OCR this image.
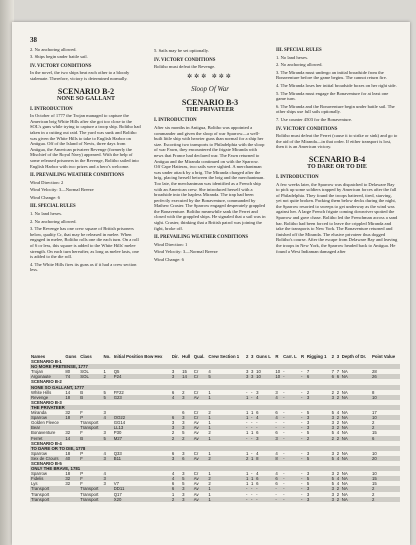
38

2. No anchoring allowed.

3. Ships begin under battle sail.

IV. VICTORY CONDITIONS

In the novel, the two ships beat each other to a bloody stalemate. Therefore, victory is determined normally.

SCENARIO B-2
NONE SO GALLANT
I. INTRODUCTION

In October of 1777 the Trojan managed to capture the American brig White Hills after she got too close to the SOL's guns while trying to capture a troop ship. Bolitho had taken in a cutting out raid. The yard was sunk and Bolitho was given the White Hills to take to English Harbor on Antigua. Off of the Island of Nevis, three days from Antigua, the American privateer Revenge (formerly the Mischief of the Royal Navy) appeared. With the help of some released prisoners in the Revenge, Bolitho sailed into English Harbor with two prizes and a hero's welcome.

II. PREVAILING WEATHER CONDITIONS

Wind Direction: 2

Wind Velocity: 3—Normal Breeze

Wind Change: 6

III. SPECIAL RULES

1. No land hexes.

2. No anchoring allowed.

3. The Revenge has one crew square of British prisoners below, quality Cr, that may be released in melee. When engaged in melee, Bolitho rolls one die each turn. On a roll of 6 or less, this square is added to the White Hills' melee strength. On each turn hereafter, as long as melee lasts, one is added to the die roll.

4. The White Hills fires its guns as if it had a crew section less.

5. Sails may be set optionally.

IV. VICTORY CONDITIONS

Bolitho must defeat the Revenge.

✲✲✲ ✲✲✲
Sloop Of War
SCENARIO B-3
THE PRIVATEER
I. INTRODUCTION

After six months in Antigua, Bolitho was appointed a commander and given the sloop of war Sparrow—a well-built little ship with heavier guns than normal for a ship her size. Escorting two transports to Philadelphia with the sloop of war Fawn, they encountered the frigate Miranda with news that France had declared war. The Fawn returned to Antigua and the Miranda continued on with the Sparrow. Off Cape Hatteras, two sails were sighted. A merchantman was under attack by a brig. The Miranda charged after the brig, placing herself between the brig and the merchantman. Too late, the merchantman was identified as a French ship with an American crew. She introduced herself with a broadside into the hapless Miranda. The trap had been perfectly executed by the Bonaventure, commanded by Mathew Craster. The Sparrow engaged desperately grappled the Bonaventure. Bolitho meanwhile sank the Ferret and closed with the grappled ships. He signaled that a sail was in sight. Craster, thinking that a British patrol was joining the fight, broke off.

II. PREVAILING WEATHER CONDITIONS

Wind Direction: 1

Wind Velocity: 3—Normal Breeze

Wind Change: 6

III. SPECIAL RULES

1. No land hexes.

2. No anchoring allowed.

3. The Miranda must undergo an initial broadside from the Bonaventure before the game begins. The cannot return fire.

4. The Miranda loses her initial broadside boxes on her right side.

5. The Miranda must engage the Bonaventure for at least one game turn.

6. The Miranda and the Bonaventure begin under battle sail. The other ships use full sails optionally.

7. Use counter 4503 for the Bonaventure.

IV. VICTORY CONDITIONS

Bolitho must defeat the Ferret (cause it to strike or sink) and go to the aid of the Miranda—in that order. If either transport is lost, then it is an American victory.

SCENARIO B-4
TO DARE OR TO DIE
I. INTRODUCTION

A few weeks later, the Sparrow was dispatched to Delaware Bay to pick up some soldiers trapped by American forces after the fall of Philadelphia. They found the troops battered, tired, starving, yet not quite broken. Packing them below decks during the night, the Sparrow resorted to sweeps to get underway as the wind was against her. A large French frigate coming downriver spotted the Sparrow and gave chase. Bolitho led the Frenchman across a sand bar. Bolitho had been forced to leave the crippled Miranda and take the transports to New York. The Bonaventure returned and finished off the Miranda. The elusive privateer thus dogged Bolitho's course. After the escape from Delaware Bay and leaving the troops in New York, the Sparrow headed back to Antigua. He found a West Indiaman damaged after

Names	Guns	Class	No.	Initial Position Bow Hex	Dir.	Hull	Qual.	Crew Section 1	2	3	Guns L	R	Carr. L	R	Rigging 1	2	3	Depth of Dr.	Point Value
SCENARIO B-1																			
NO MORE PRETENSE, 1777																			
Trojan	80	SOL	1	Q5	3	15	Cr	4	3	3	10	10	-	-	7	7	7	NA	28
Argonaute	74	SOL	2	P24	3	14	Cr	5	3	3	10	10	-	-	6	6	6	NA	26
SCENARIO B-2																			
NONE SO GALLANT, 1777																			
White Hills	14	B	5	FF22	6	2	Cr	1	-	-	3	3	-	-	2	2	2	NA	8
Revenge	18	B	5	G23	4	3	Av	1	1	-	4	4	-	-	3	3	2	NA	10
SCENARIO B-3																			
THE PRIVATEER																			
Miranda	32	F	3			6	Cr	2	1	1	6	6	-	-	5	5	4	NA	17
Sparrow	18	P	4	OO22	6	3	Cr	1	1	-	4	4	-	-	3	3	2	NA	10
Golden Fleece		Transport		GG14	3	3	Av	1	-	-	-	-	-	-	3	3	2	NA	2
Bear		Transport		LL13	3	3	Av	1	-	-	-	-	-	-	3	3	2	NA	2
Bonaventure	32	F	3	P30	2	5	Av	2	1	1	6	6	-	-	5	5	4	NA	15
Ferret	14	B	5	M27	2	2	Av	1	-	-	3	3	-	-	2	2	2	NA	6
SCENARIO B-4																			
TO DARE OR TO DIE, 1778																			
Sparrow	18	P	4	Q33	6	3	Cr	1	1	-	4	4	-	-	3	3	2	NA	10
Sex de Crours	40	F	3	B11	3	6	Av	2	2	1	8	8	-	-	5	5	4	NA	20
SCENARIO B-5																			
ONLY THE BRAVE, 1781																			
Sparrow	18	P	4		4	3	Cr	1	1	-	4	4	-	-	3	3	2	NA	10
Fidelis	32	F	3		4	5	Av	2	1	1	6	6	-	-	5	5	4	NA	15
Lys	32	F	3	V7	6	5	Av	2	1	1	6	6	-	-	5	5	4	NA	15
Transport		Transport		DD11	6	3	Av	1	-	-	-	-	-	-	3	3	2	NA	2
Transport		Transport		Q17	1	3	Av	1	-	-	-	-	-	-	3	3	2	NA	2
Transport		Transport		X20	2	3	Av	1	-	-	-	-	-	-	3	3	2	NA	2
